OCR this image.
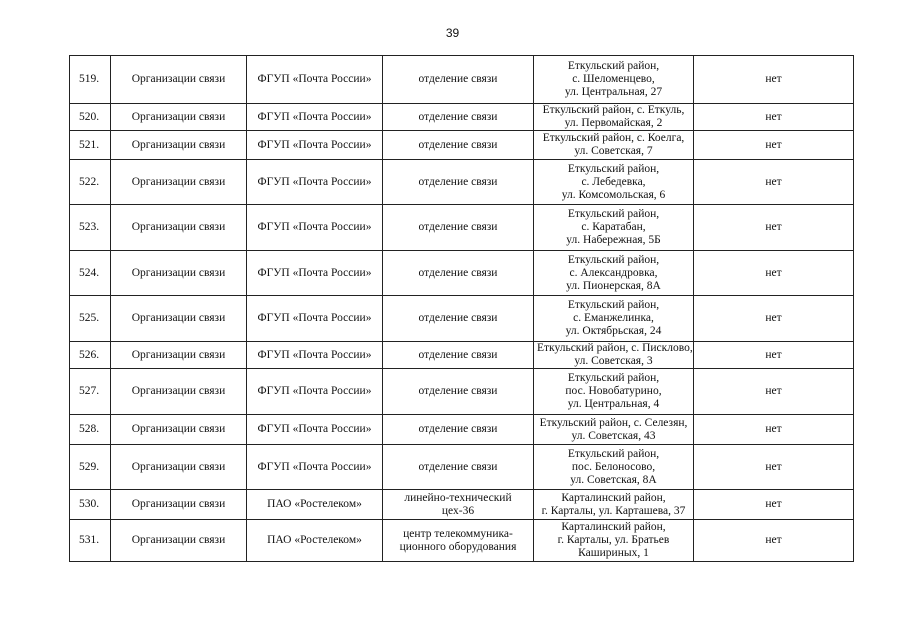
39
519.	Организации связи	ФГУП «Почта России»	отделение связи	Еткульский район,
с. Шеломенцево,
ул. Центральная, 27	нет
520.	Организации связи	ФГУП «Почта России»	отделение связи	Еткульский район, с. Еткуль,
ул. Первомайская, 2	нет
521.	Организации связи	ФГУП «Почта России»	отделение связи	Еткульский район, с. Коелга,
ул. Советская, 7	нет
522.	Организации связи	ФГУП «Почта России»	отделение связи	Еткульский район,
с. Лебедевка,
ул. Комсомольская, 6	нет
523.	Организации связи	ФГУП «Почта России»	отделение связи	Еткульский район,
с. Каратабан,
ул. Набережная, 5Б	нет
524.	Организации связи	ФГУП «Почта России»	отделение связи	Еткульский район,
с. Александровка,
ул. Пионерская, 8А	нет
525.	Организации связи	ФГУП «Почта России»	отделение связи	Еткульский район,
с. Еманжелинка,
ул. Октябрьская, 24	нет
526.	Организации связи	ФГУП «Почта России»	отделение связи	Еткульский район, с. Писклово,
ул. Советская, 3	нет
527.	Организации связи	ФГУП «Почта России»	отделение связи	Еткульский район,
пос. Новобатурино,
ул. Центральная, 4	нет
528.	Организации связи	ФГУП «Почта России»	отделение связи	Еткульский район, с. Селезян,
ул. Советская, 43	нет
529.	Организации связи	ФГУП «Почта России»	отделение связи	Еткульский район,
пос. Белоносово,
ул. Советская, 8А	нет
530.	Организации связи	ПАО «Ростелеком»	линейно-технический
цех-36	Карталинский район,
г. Карталы, ул. Карташева, 37	нет
531.	Организации связи	ПАО «Ростелеком»	центр телекоммуника-
ционного оборудования	Карталинский район,
г. Карталы, ул. Братьев
Кашириных, 1	нет
